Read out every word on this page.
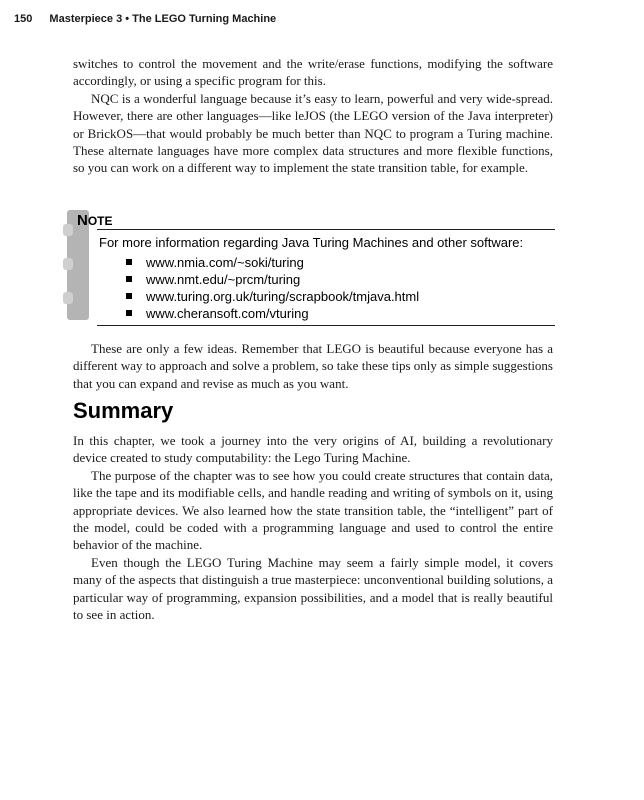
150 Masterpiece 3 • The LEGO Turning Machine

switches to control the movement and the write/erase functions, modifying the software accordingly, or using a specific program for this.

NQC is a wonderful language because it’s easy to learn, powerful and very wide-spread. However, there are other languages—like leJOS (the LEGO version of the Java interpreter) or BrickOS—that would probably be much better than NQC to program a Turing machine. These alternate languages have more complex data structures and more flexible functions, so you can work on a different way to implement the state transition table, for example.

NOTE
For more information regarding Java Turing Machines and other software:
www.nmia.com/~soki/turing
www.nmt.edu/~prcm/turing
www.turing.org.uk/turing/scrapbook/tmjava.html
www.cheransoft.com/vturing

These are only a few ideas. Remember that LEGO is beautiful because everyone has a different way to approach and solve a problem, so take these tips only as simple suggestions that you can expand and revise as much as you want.

Summary

In this chapter, we took a journey into the very origins of AI, building a revolutionary device created to study computability: the Lego Turing Machine.

The purpose of the chapter was to see how you could create structures that contain data, like the tape and its modifiable cells, and handle reading and writing of symbols on it, using appropriate devices. We also learned how the state transition table, the “intelligent” part of the model, could be coded with a programming language and used to control the entire behavior of the machine.

Even though the LEGO Turing Machine may seem a fairly simple model, it covers many of the aspects that distinguish a true masterpiece: unconventional building solutions, a particular way of programming, expansion possibilities, and a model that is really beautiful to see in action.
